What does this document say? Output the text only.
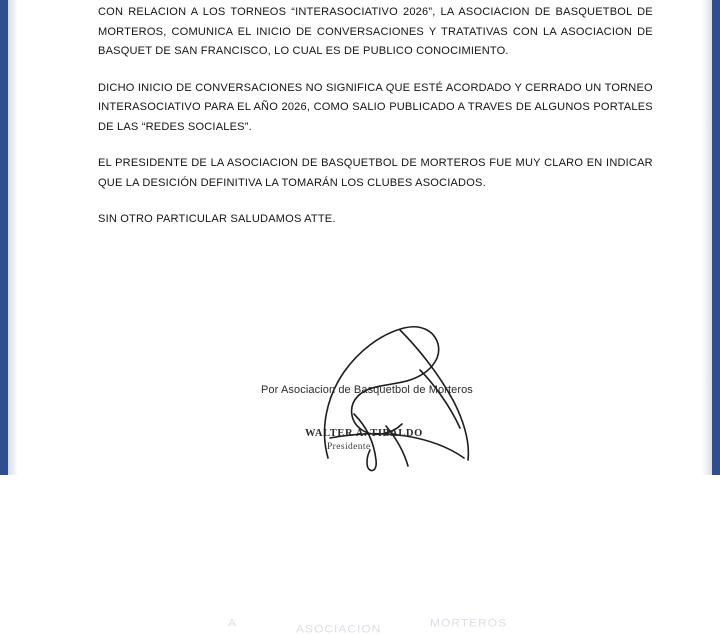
CON RELACION A LOS TORNEOS “INTERASOCIATIVO 2026”, LA ASOCIACION DE BASQUETBOL DE MORTEROS, COMUNICA EL INICIO DE CONVERSACIONES Y TRATATIVAS CON LA ASOCIACION DE BASQUET DE SAN FRANCISCO, LO CUAL ES DE PUBLICO CONOCIMIENTO.

DICHO INICIO DE CONVERSACIONES NO SIGNIFICA QUE ESTÉ ACORDADO Y CERRADO UN TORNEO INTERASOCIATIVO PARA EL AÑO 2026, COMO SALIO PUBLICADO A TRAVES DE ALGUNOS PORTALES DE LAS “REDES SOCIALES”.

EL PRESIDENTE DE LA ASOCIACION DE BASQUETBOL DE MORTEROS FUE MUY CLARO EN INDICAR QUE LA DESICIÓN DEFINITIVA LA TOMARÁN LOS CLUBES ASOCIADOS.

SIN OTRO PARTICULAR SALUDAMOS ATTE.

A	ASOCIACION	MORTEROS
Por Asociacion de Basquetbol de Morteros
WALTER A. TIBALDO
Presidente
